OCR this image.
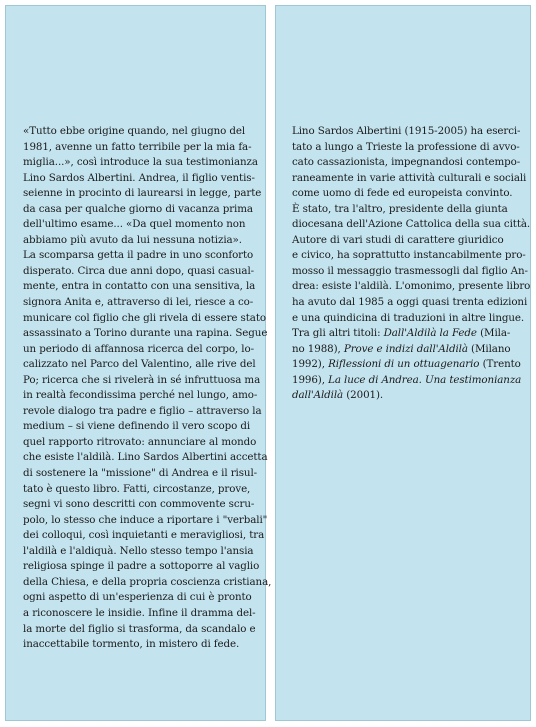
«Tutto ebbe origine quando, nel giugno del
1981, avenne un fatto terribile per la mia fa-
miglia...», così introduce la sua testimonianza
Lino Sardos Albertini. Andrea, il figlio ventis-
seienne in procinto di laurearsi in legge, parte
da casa per qualche giorno di vacanza prima
dell'ultimo esame... «Da quel momento non
abbiamo più avuto da lui nessuna notizia».
La scomparsa getta il padre in uno sconforto
disperato. Circa due anni dopo, quasi casual-
mente, entra in contatto con una sensitiva, la
signora Anita e, attraverso di lei, riesce a co-
municare col figlio che gli rivela di essere stato
assassinato a Torino durante una rapina. Segue
un periodo di affannosa ricerca del corpo, lo-
calizzato nel Parco del Valentino, alle rive del
Po; ricerca che si rivelerà in sé infruttuosa ma
in realtà fecondissima perché nel lungo, amo-
revole dialogo tra padre e figlio – attraverso la
medium – si viene definendo il vero scopo di
quel rapporto ritrovato: annunciare al mondo
che esiste l'aldilà. Lino Sardos Albertini accetta
di sostenere la "missione" di Andrea e il risul-
tato è questo libro. Fatti, circostanze, prove,
segni vi sono descritti con commovente scru-
polo, lo stesso che induce a riportare i "verbali"
dei colloqui, così inquietanti e meravigliosi, tra
l'aldilà e l'aldiquà. Nello stesso tempo l'ansia
religiosa spinge il padre a sottoporre al vaglio
della Chiesa, e della propria coscienza cristiana,
ogni aspetto di un'esperienza di cui è pronto
a riconoscere le insidie. Infine il dramma del-
la morte del figlio si trasforma, da scandalo e
inaccettabile tormento, in mistero di fede.
Lino Sardos Albertini (1915-2005) ha eserci-
tato a lungo a Trieste la professione di avvo-
cato cassazionista, impegnandosi contempo-
raneamente in varie attività culturali e sociali
come uomo di fede ed europeista convinto.
È stato, tra l'altro, presidente della giunta
diocesana dell'Azione Cattolica della sua città.
Autore di vari studi di carattere giuridico
e civico, ha soprattutto instancabilmente pro-
mosso il messaggio trasmessogli dal figlio An-
drea: esiste l'aldilà. L'omonimo, presente libro
ha avuto dal 1985 a oggi quasi trenta edizioni
e una quindicina di traduzioni in altre lingue.
Tra gli altri titoli: Dall'Aldilà la Fede (Mila-
no 1988), Prove e indizi dall'Aldilà (Milano
1992), Riflessioni di un ottuagenario (Trento
1996), La luce di Andrea. Una testimonianza
dall'Aldilà (2001).
